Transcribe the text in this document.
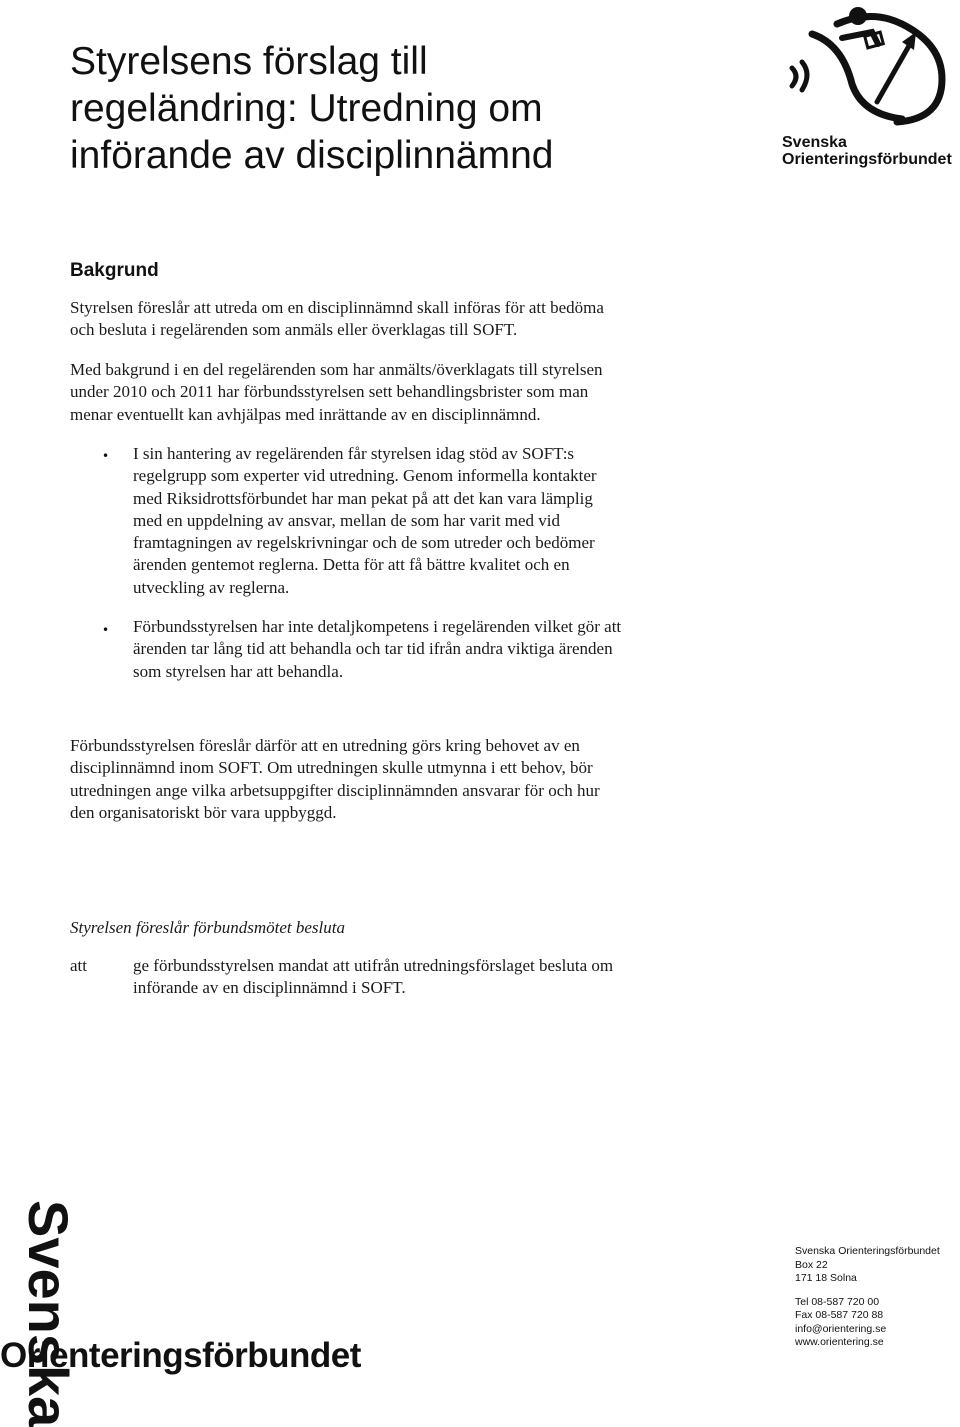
Styrelsens förslag till
regeländring: Utredning om
införande av disciplinnämnd	Svenska
Orienteringsförbundet
Bakgrund

Styrelsen föreslår att utreda om en disciplinnämnd skall införas för att bedöma
och besluta i regelärenden som anmäls eller överklagas till SOFT.

Med bakgrund i en del regelärenden som har anmälts/överklagats till styrelsen
under 2010 och 2011 har förbundsstyrelsen sett behandlingsbrister som man
menar eventuellt kan avhjälpas med inrättande av en disciplinnämnd.

• I sin hantering av regelärenden får styrelsen idag stöd av SOFT:s
regelgrupp som experter vid utredning. Genom informella kontakter
med Riksidrottsförbundet har man pekat på att det kan vara lämplig
med en uppdelning av ansvar, mellan de som har varit med vid
framtagningen av regelskrivningar och de som utreder och bedömer
ärenden gentemot reglerna. Detta för att få bättre kvalitet och en
utveckling av reglerna.

• Förbundsstyrelsen har inte detaljkompetens i regelärenden vilket gör att
ärenden tar lång tid att behandla och tar tid ifrån andra viktiga ärenden
som styrelsen har att behandla.

Förbundsstyrelsen föreslår därför att en utredning görs kring behovet av en
disciplinnämnd inom SOFT. Om utredningen skulle utmynna i ett behov, bör
utredningen ange vilka arbetsuppgifter disciplinnämnden ansvarar för och hur
den organisatoriskt bör vara uppbyggd.

Styrelsen föreslår förbundsmötet besluta

att	ge förbundsstyrelsen mandat att utifrån utredningsförslaget besluta om
införande av en disciplinnämnd i SOFT.

Svenska
Orienteringsförbundet
Svenska Orienteringsförbundet
Box 22
171 18 Solna
Tel 08-587 720 00
Fax 08-587 720 88
info@orientering.se
www.orientering.se
